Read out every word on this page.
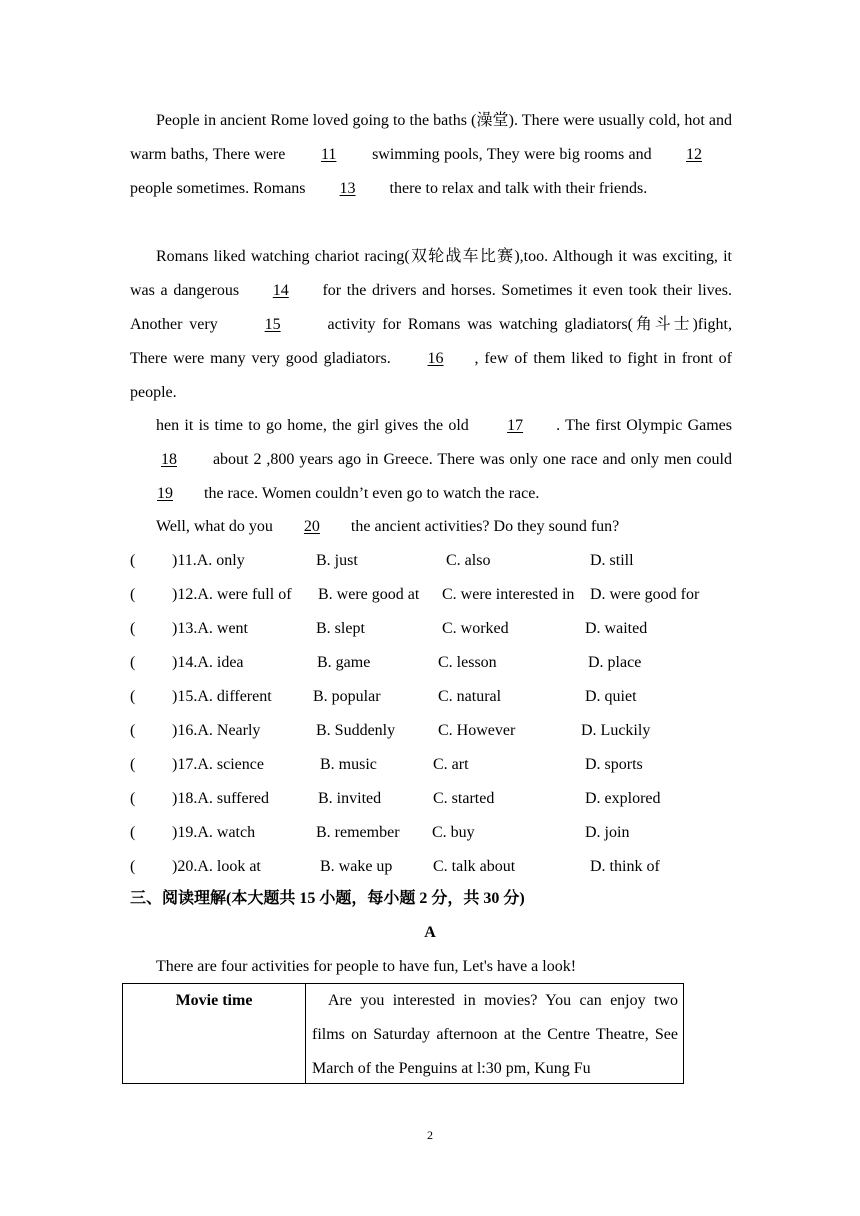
People in ancient Rome loved going to the baths (澡堂). There were usually cold, hot and warm baths, There were 11 swimming pools, They were big rooms and 12 people sometimes. Romans 13 there to relax and talk with their friends.

Romans liked watching chariot racing(双轮战车比赛),too. Although it was exciting, it was a dangerous 14 for the drivers and horses. Sometimes it even took their lives. Another very	15	activity for Romans was watching gladiators(角斗士)fight, There were many very good gladiators. 16 , few of them liked to fight in front of people.

hen it is time to go home, the girl gives the old 17 . The first Olympic Games 18 about 2 ,800 years ago in Greece. There was only one race and only men could 19 the race. Women couldn’t even go to watch the race.

Well, what do you 20 the ancient activities? Do they sound fun?

( )11.A. only	B. just	C. also	D. still
( )12.A. were full of B. were good at C. were interested in D. were good for
( )13.A. went	B. slept	C. worked	D. waited
( )14.A. idea	B. game	C. lesson	D. place
( )15.A. different	B. popular	C. natural	D. quiet
( )16.A. Nearly	B. Suddenly	C. However	D. Luckily
( )17.A. science	B. music	C. art	D. sports
( )18.A. suffered	B. invited	C. started	D. explored
( )19.A. watch	B. remember C. buy	D. join
( )20.A. look at	B. wake up	C. talk about	D. think of
三、阅读理解(本大题共 15 小题，每小题 2 分，共 30 分)
A
There are four activities for people to have fun, Let's have a look!
Movie time	Are you interested in movies? You can enjoy two films on Saturday afternoon at the Centre Theatre, See March of the Penguins at l:30 pm, Kung Fu
2
